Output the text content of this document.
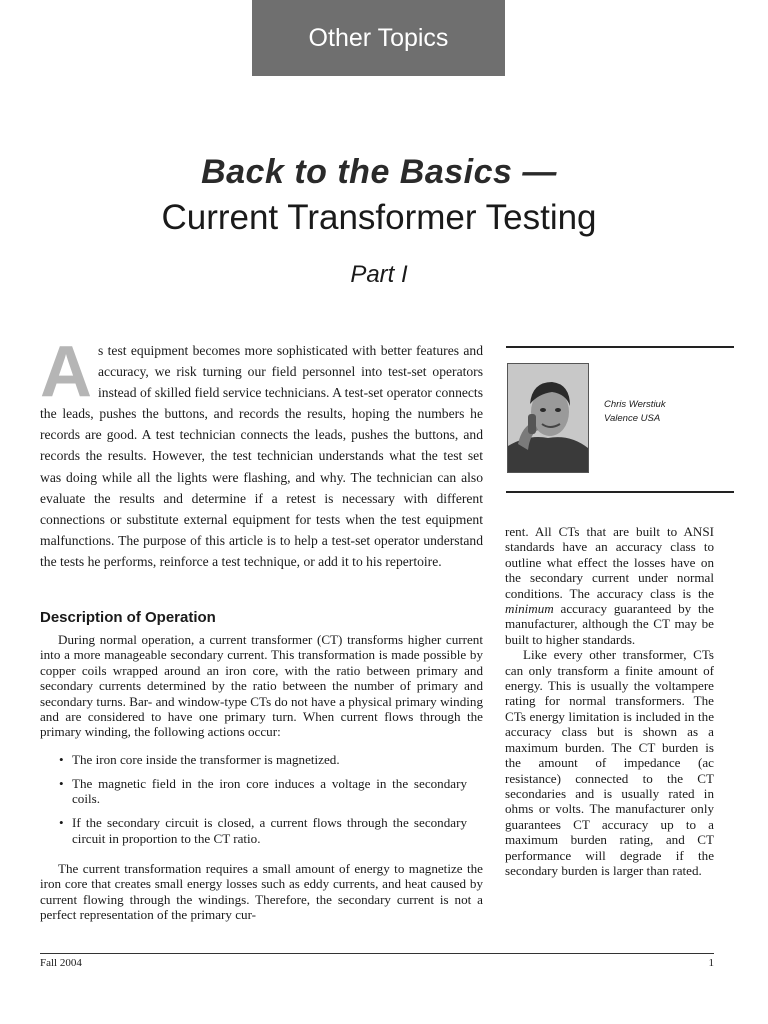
Other Topics
Back to the Basics —
Current Transformer Testing
Part I

As test equipment becomes more sophisticated with better features and accuracy, we risk turning our field personnel into test-set operators instead of skilled field service technicians. A test-set operator connects the leads, pushes the buttons, and records the results, hoping the numbers he records are good. A test technician connects the leads, pushes the buttons, and records the results. However, the test technician understands what the test set was doing while all the lights were flashing, and why. The technician can also evaluate the results and determine if a retest is necessary with different connections or substitute external equipment for tests when the test equipment malfunctions. The purpose of this article is to help a test-set operator understand the tests he performs, reinforce a test technique, or add it to his repertoire.

Description of Operation

During normal operation, a current transformer (CT) transforms higher current into a more manageable secondary current. This transformation is made possible by copper coils wrapped around an iron core, with the ratio between primary and secondary currents determined by the ratio between the number of primary and secondary turns. Bar- and window-type CTs do not have a physical primary winding and are considered to have one primary turn. When current flows through the primary winding, the following actions occur:

• The iron core inside the transformer is magnetized.
• The magnetic field in the iron core induces a voltage in the secondary coils.
• If the secondary circuit is closed, a current flows through the secondary circuit in proportion to the CT ratio.

The current transformation requires a small amount of energy to magnetize the iron core that creates small energy losses such as eddy currents, and heat caused by current flowing through the windings. Therefore, the secondary current is not a perfect representation of the primary cur-

Chris Werstiuk
Valence USA

rent. All CTs that are built to ANSI standards have an accuracy class to outline what effect the losses have on the secondary current under normal conditions. The accuracy class is the minimum accuracy guaranteed by the manufacturer, although the CT may be built to higher standards.

Like every other transformer, CTs can only transform a finite amount of energy. This is usually the voltampere rating for normal transformers. The CTs energy limitation is included in the accuracy class but is shown as a maximum burden. The CT burden is the amount of impedance (ac resistance) connected to the CT secondaries and is usually rated in ohms or volts. The manufacturer only guarantees CT accuracy up to a maximum burden rating, and CT performance will degrade if the secondary burden is larger than rated.

Fall 2004	1
